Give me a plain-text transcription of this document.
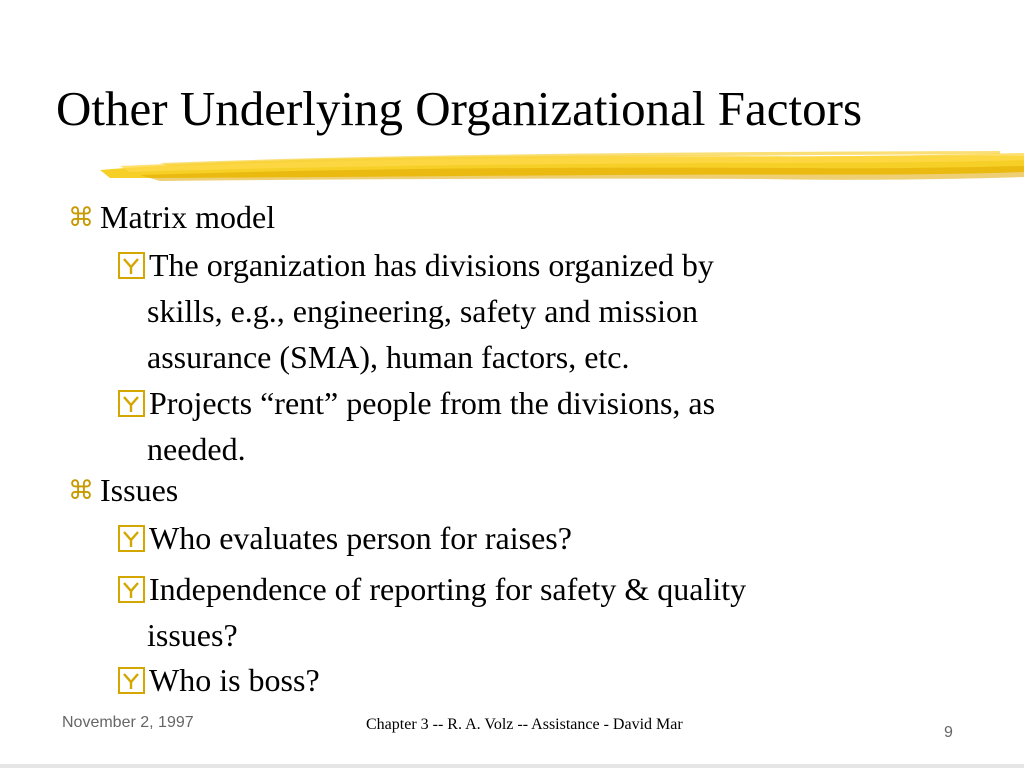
Other Underlying Organizational Factors
⌘ Matrix model
The organization has divisions organized by
skills, e.g., engineering, safety and mission
assurance (SMA), human factors, etc.
Projects “rent” people from the divisions, as
needed.
⌘ Issues
Who evaluates person for raises?
Independence of reporting for safety & quality
issues?
Who is boss?
November 2, 1997	Chapter 3 -- R. A. Volz -- Assistance - David Mar	9
